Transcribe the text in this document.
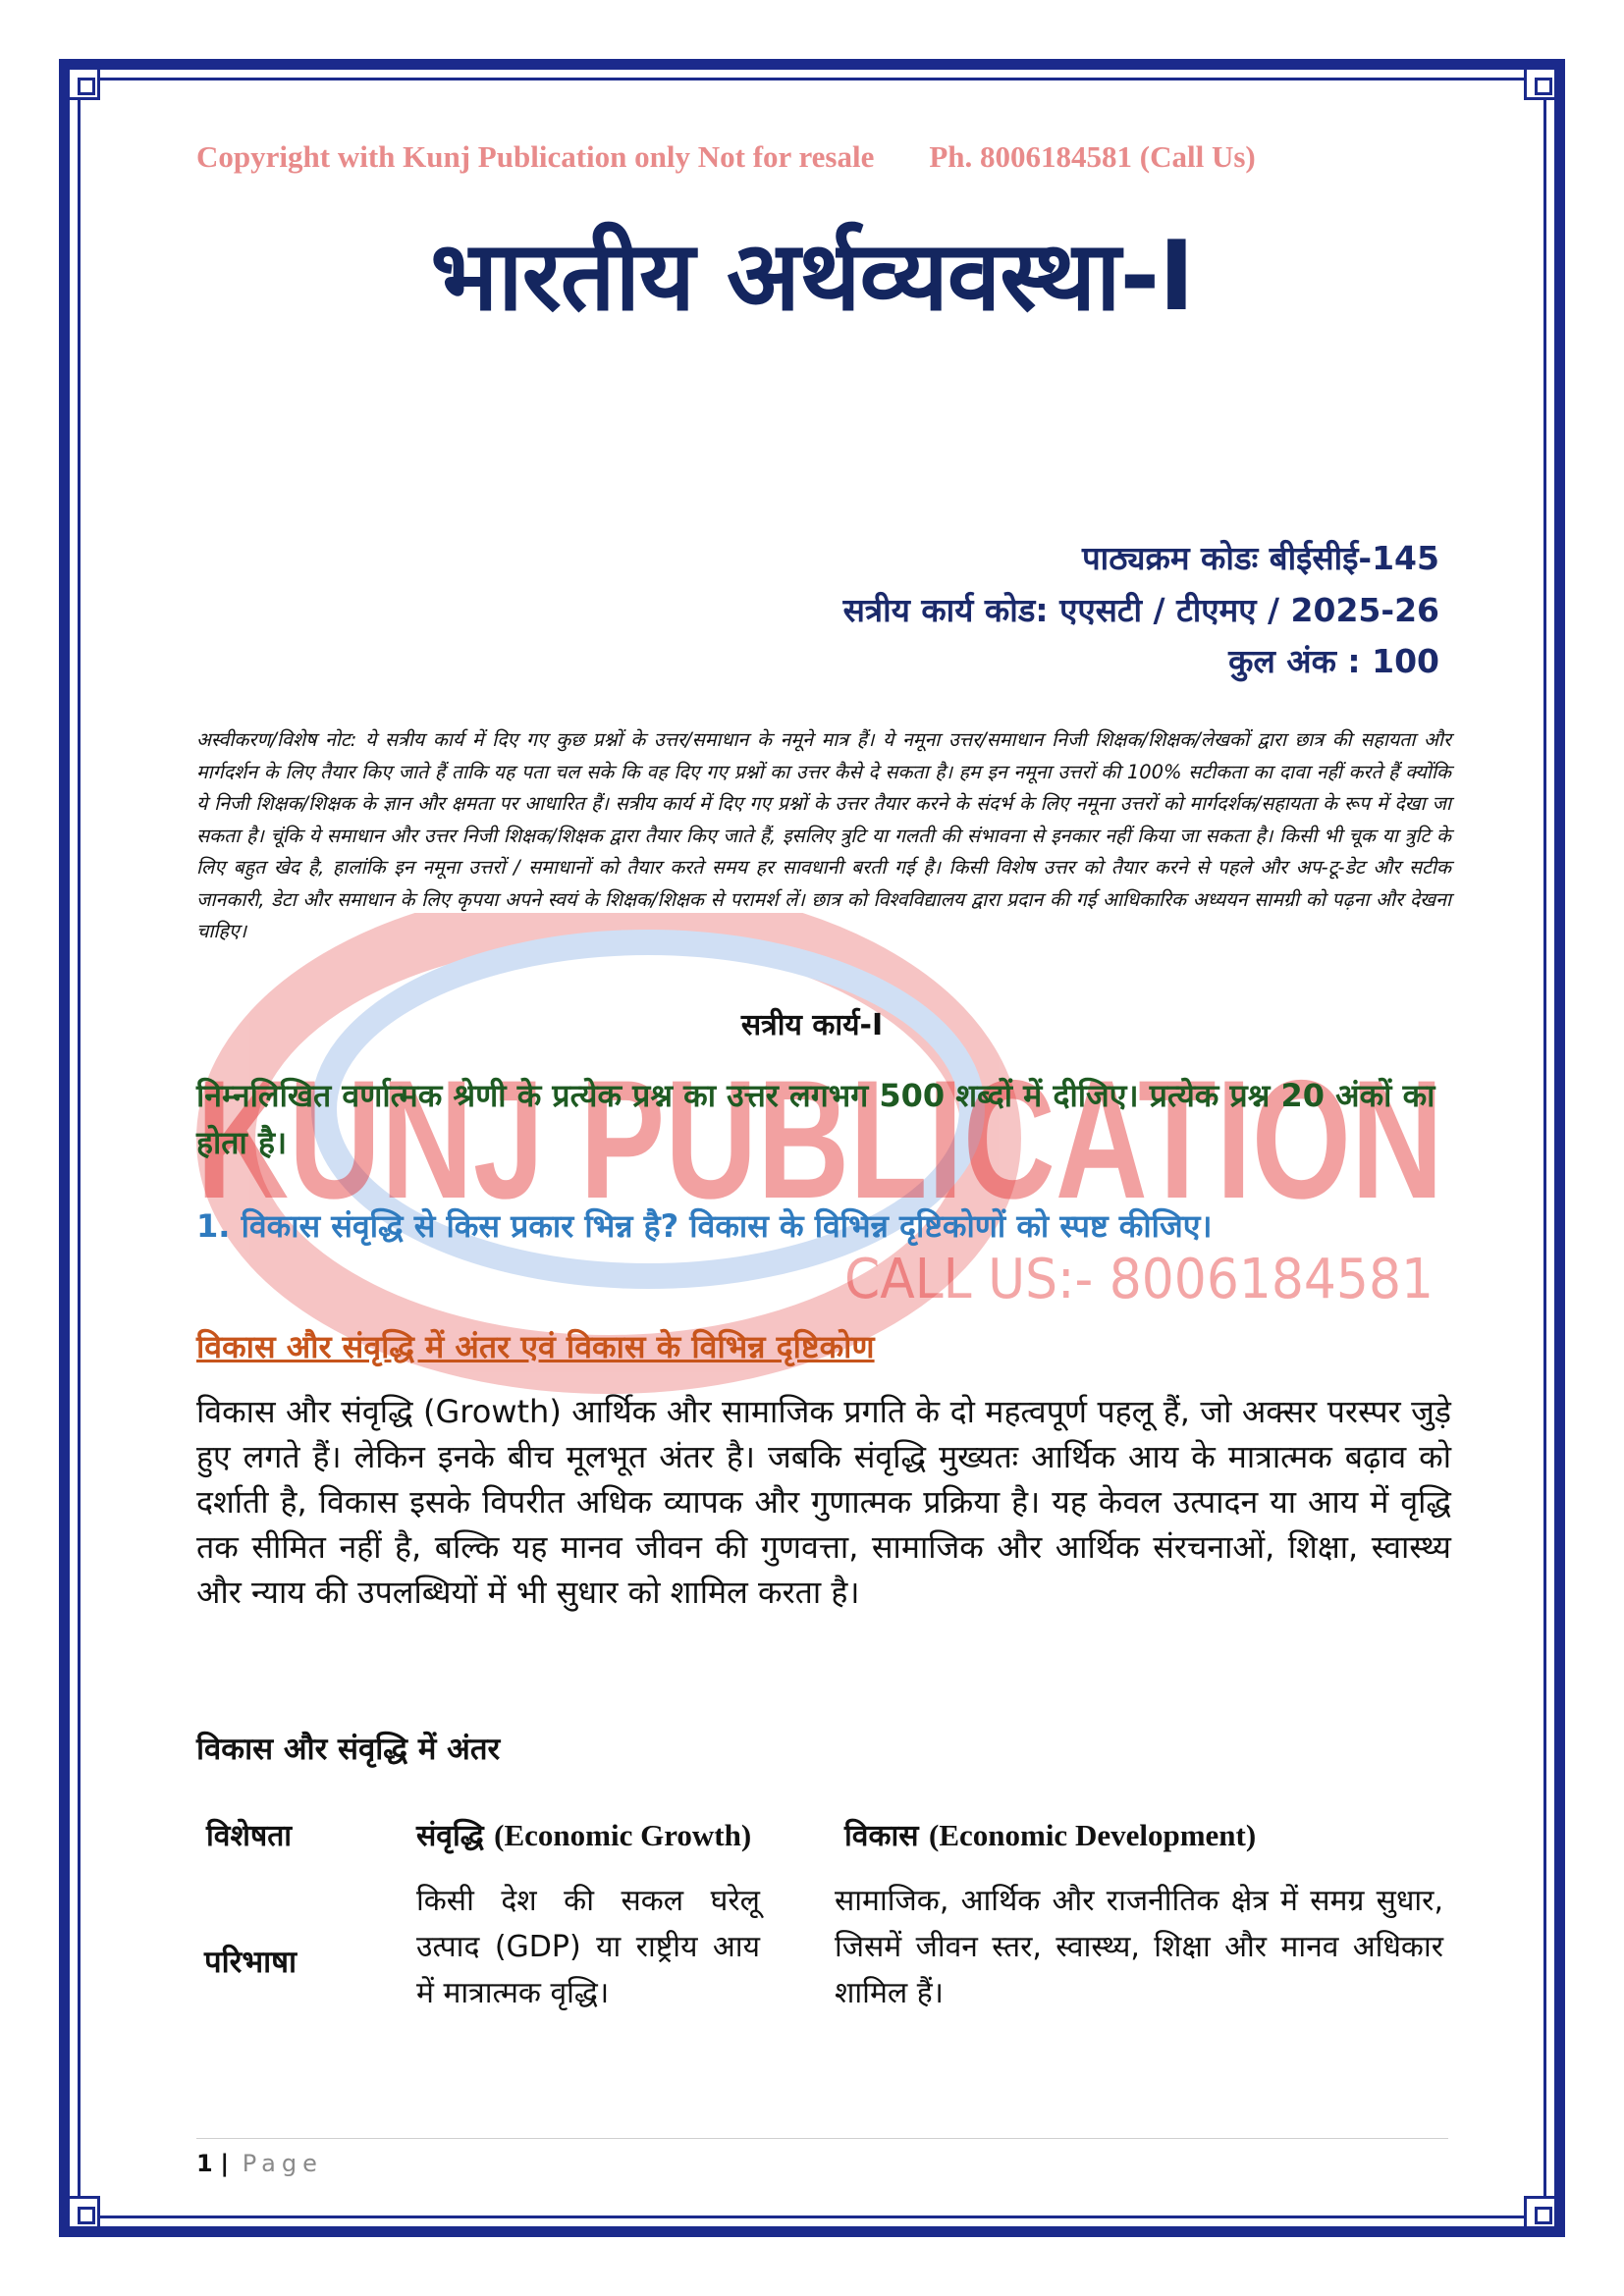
KUNJ PUBLICATION
CALL US:- 8006184581
Copyright with Kunj Publication only Not for resale Ph. 8006184581 (Call Us)
भारतीय अर्थव्यवस्था-I
पाठ्यक्रम कोडः बीईसीई-145
सत्रीय कार्य कोड: एएसटी / टीएमए / 2025-26
कुल अंक : 100
अस्वीकरण/विशेष नोट: ये सत्रीय कार्य में दिए गए कुछ प्रश्नों के उत्तर/समाधान के नमूने मात्र हैं। ये नमूना उत्तर/समाधान निजी शिक्षक/शिक्षक/लेखकों द्वारा छात्र की सहायता और मार्गदर्शन के लिए तैयार किए जाते हैं ताकि यह पता चल सके कि वह दिए गए प्रश्नों का उत्तर कैसे दे सकता है। हम इन नमूना उत्तरों की 100% सटीकता का दावा नहीं करते हैं क्योंकि ये निजी शिक्षक/शिक्षक के ज्ञान और क्षमता पर आधारित हैं। सत्रीय कार्य में दिए गए प्रश्नों के उत्तर तैयार करने के संदर्भ के लिए नमूना उत्तरों को मार्गदर्शक/सहायता के रूप में देखा जा सकता है। चूंकि ये समाधान और उत्तर निजी शिक्षक/शिक्षक द्वारा तैयार किए जाते हैं, इसलिए त्रुटि या गलती की संभावना से इनकार नहीं किया जा सकता है। किसी भी चूक या त्रुटि के लिए बहुत खेद है, हालांकि इन नमूना उत्तरों / समाधानों को तैयार करते समय हर सावधानी बरती गई है। किसी विशेष उत्तर को तैयार करने से पहले और अप-टू-डेट और सटीक जानकारी, डेटा और समाधान के लिए कृपया अपने स्वयं के शिक्षक/शिक्षक से परामर्श लें। छात्र को विश्वविद्यालय द्वारा प्रदान की गई आधिकारिक अध्ययन सामग्री को पढ़ना और देखना चाहिए।
सत्रीय कार्य-I
निम्नलिखित वर्णात्मक श्रेणी के प्रत्येक प्रश्न का उत्तर लगभग 500 शब्दों में दीजिए। प्रत्येक प्रश्न 20 अंकों का होता है।
1. विकास संवृद्धि से किस प्रकार भिन्न है? विकास के विभिन्न दृष्टिकोणों को स्पष्ट कीजिए।
विकास और संवृद्धि में अंतर एवं विकास के विभिन्न दृष्टिकोण
विकास और संवृद्धि (Growth) आर्थिक और सामाजिक प्रगति के दो महत्वपूर्ण पहलू हैं, जो अक्सर परस्पर जुड़े हुए लगते हैं। लेकिन इनके बीच मूलभूत अंतर है। जबकि संवृद्धि मुख्यतः आर्थिक आय के मात्रात्मक बढ़ाव को दर्शाती है, विकास इसके विपरीत अधिक व्यापक और गुणात्मक प्रक्रिया है। यह केवल उत्पादन या आय में वृद्धि तक सीमित नहीं है, बल्कि यह मानव जीवन की गुणवत्ता, सामाजिक और आर्थिक संरचनाओं, शिक्षा, स्वास्थ्य और न्याय की उपलब्धियों में भी सुधार को शामिल करता है।
विकास और संवृद्धि में अंतर
विशेषता	संवृद्धि (Economic Growth)	विकास (Economic Development)
परिभाषा
किसी देश की सकल घरेलू उत्पाद (GDP) या राष्ट्रीय आय में मात्रात्मक वृद्धि।
सामाजिक, आर्थिक और राजनीतिक क्षेत्र में समग्र सुधार, जिसमें जीवन स्तर, स्वास्थ्य, शिक्षा और मानव अधिकार शामिल हैं।
1 | Page
